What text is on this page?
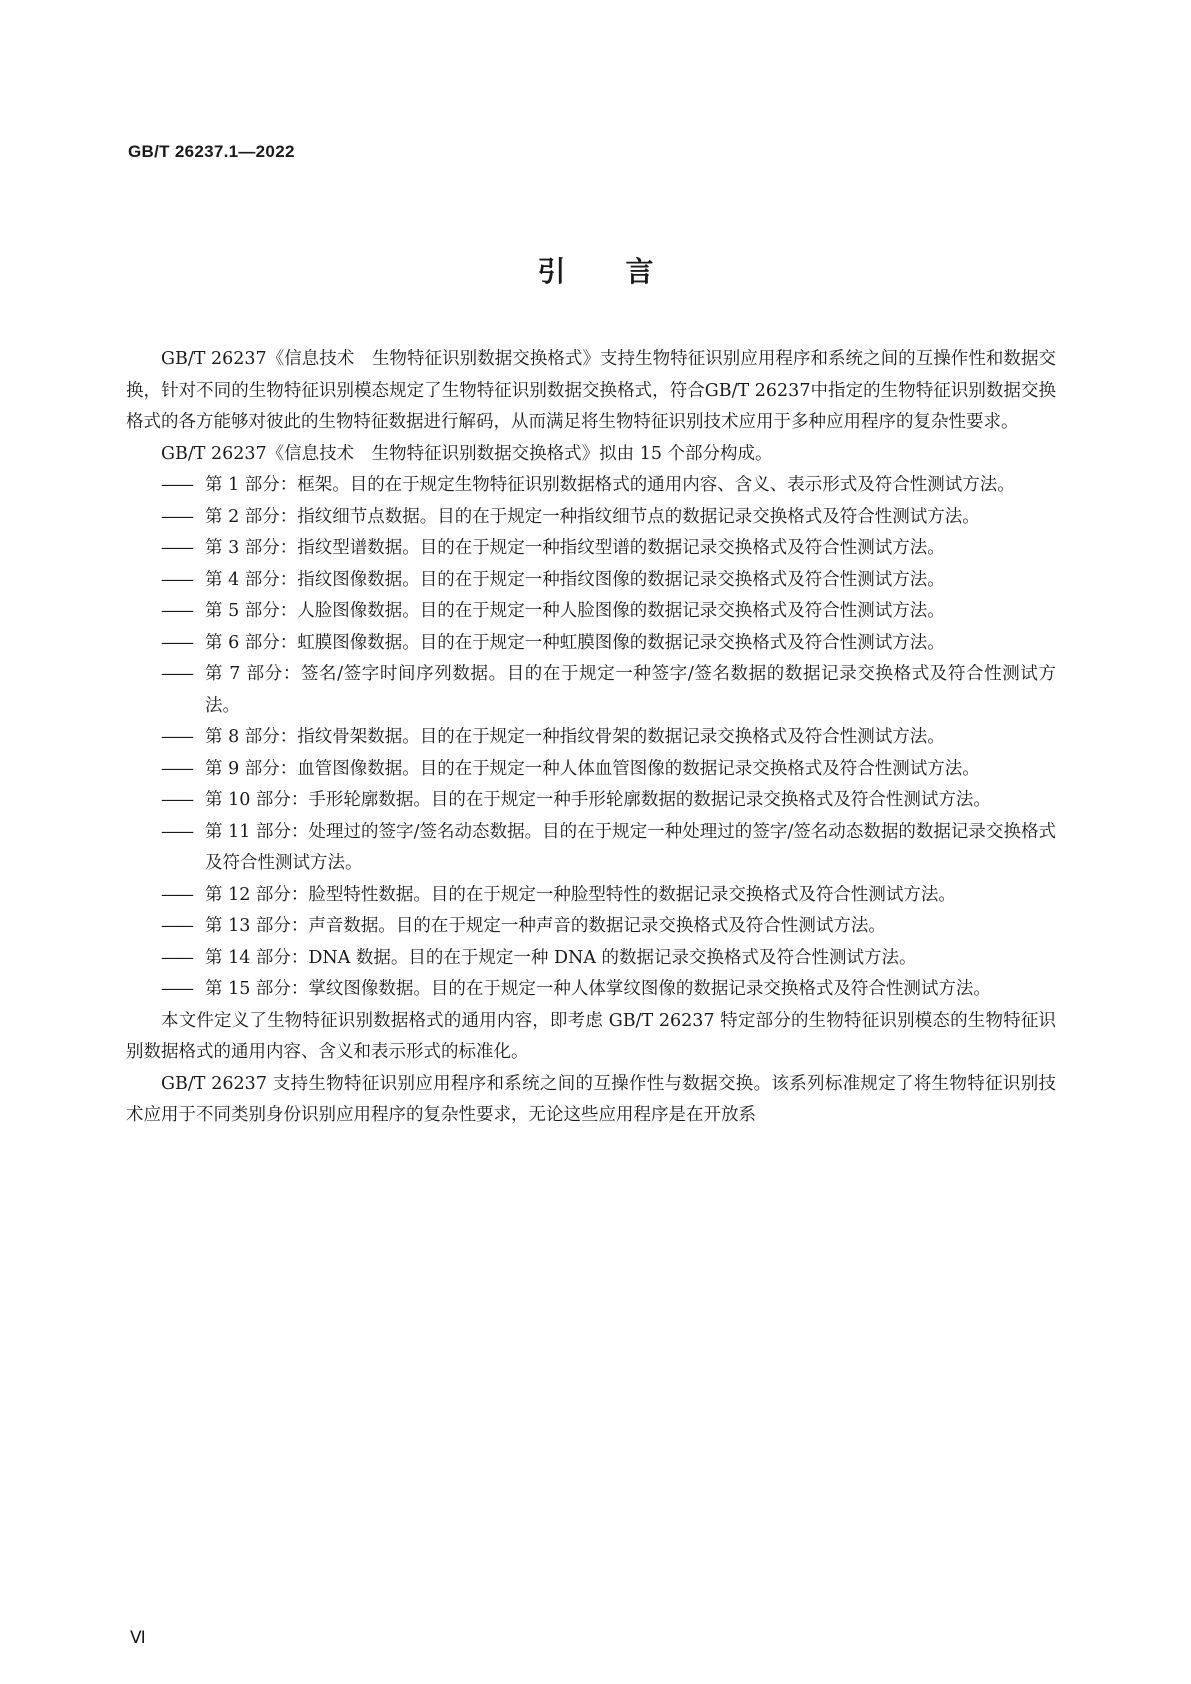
GB/T 26237.1—2022
引言

GB/T 26237《信息技术　生物特征识别数据交换格式》支持生物特征识别应用程序和系统之间的互操作性和数据交换，针对不同的生物特征识别模态规定了生物特征识别数据交换格式，符合GB/T 26237中指定的生物特征识别数据交换格式的各方能够对彼此的生物特征数据进行解码，从而满足将生物特征识别技术应用于多种应用程序的复杂性要求。

GB/T 26237《信息技术　生物特征识别数据交换格式》拟由 15 个部分构成。

—— 第 1 部分：框架。目的在于规定生物特征识别数据格式的通用内容、含义、表示形式及符合性测试方法。
—— 第 2 部分：指纹细节点数据。目的在于规定一种指纹细节点的数据记录交换格式及符合性测试方法。
—— 第 3 部分：指纹型谱数据。目的在于规定一种指纹型谱的数据记录交换格式及符合性测试方法。
—— 第 4 部分：指纹图像数据。目的在于规定一种指纹图像的数据记录交换格式及符合性测试方法。
—— 第 5 部分：人脸图像数据。目的在于规定一种人脸图像的数据记录交换格式及符合性测试方法。
—— 第 6 部分：虹膜图像数据。目的在于规定一种虹膜图像的数据记录交换格式及符合性测试方法。
—— 第 7 部分：签名/签字时间序列数据。目的在于规定一种签字/签名数据的数据记录交换格式及符合性测试方法。
—— 第 8 部分：指纹骨架数据。目的在于规定一种指纹骨架的数据记录交换格式及符合性测试方法。
—— 第 9 部分：血管图像数据。目的在于规定一种人体血管图像的数据记录交换格式及符合性测试方法。
—— 第 10 部分：手形轮廓数据。目的在于规定一种手形轮廓数据的数据记录交换格式及符合性测试方法。
—— 第 11 部分：处理过的签字/签名动态数据。目的在于规定一种处理过的签字/签名动态数据的数据记录交换格式及符合性测试方法。
—— 第 12 部分：脸型特性数据。目的在于规定一种脸型特性的数据记录交换格式及符合性测试方法。
—— 第 13 部分：声音数据。目的在于规定一种声音的数据记录交换格式及符合性测试方法。
—— 第 14 部分：DNA 数据。目的在于规定一种 DNA 的数据记录交换格式及符合性测试方法。
—— 第 15 部分：掌纹图像数据。目的在于规定一种人体掌纹图像的数据记录交换格式及符合性测试方法。

本文件定义了生物特征识别数据格式的通用内容，即考虑 GB/T 26237 特定部分的生物特征识别模态的生物特征识别数据格式的通用内容、含义和表示形式的标准化。

GB/T 26237 支持生物特征识别应用程序和系统之间的互操作性与数据交换。该系列标准规定了将生物特征识别技术应用于不同类别身份识别应用程序的复杂性要求，无论这些应用程序是在开放系

Ⅵ
